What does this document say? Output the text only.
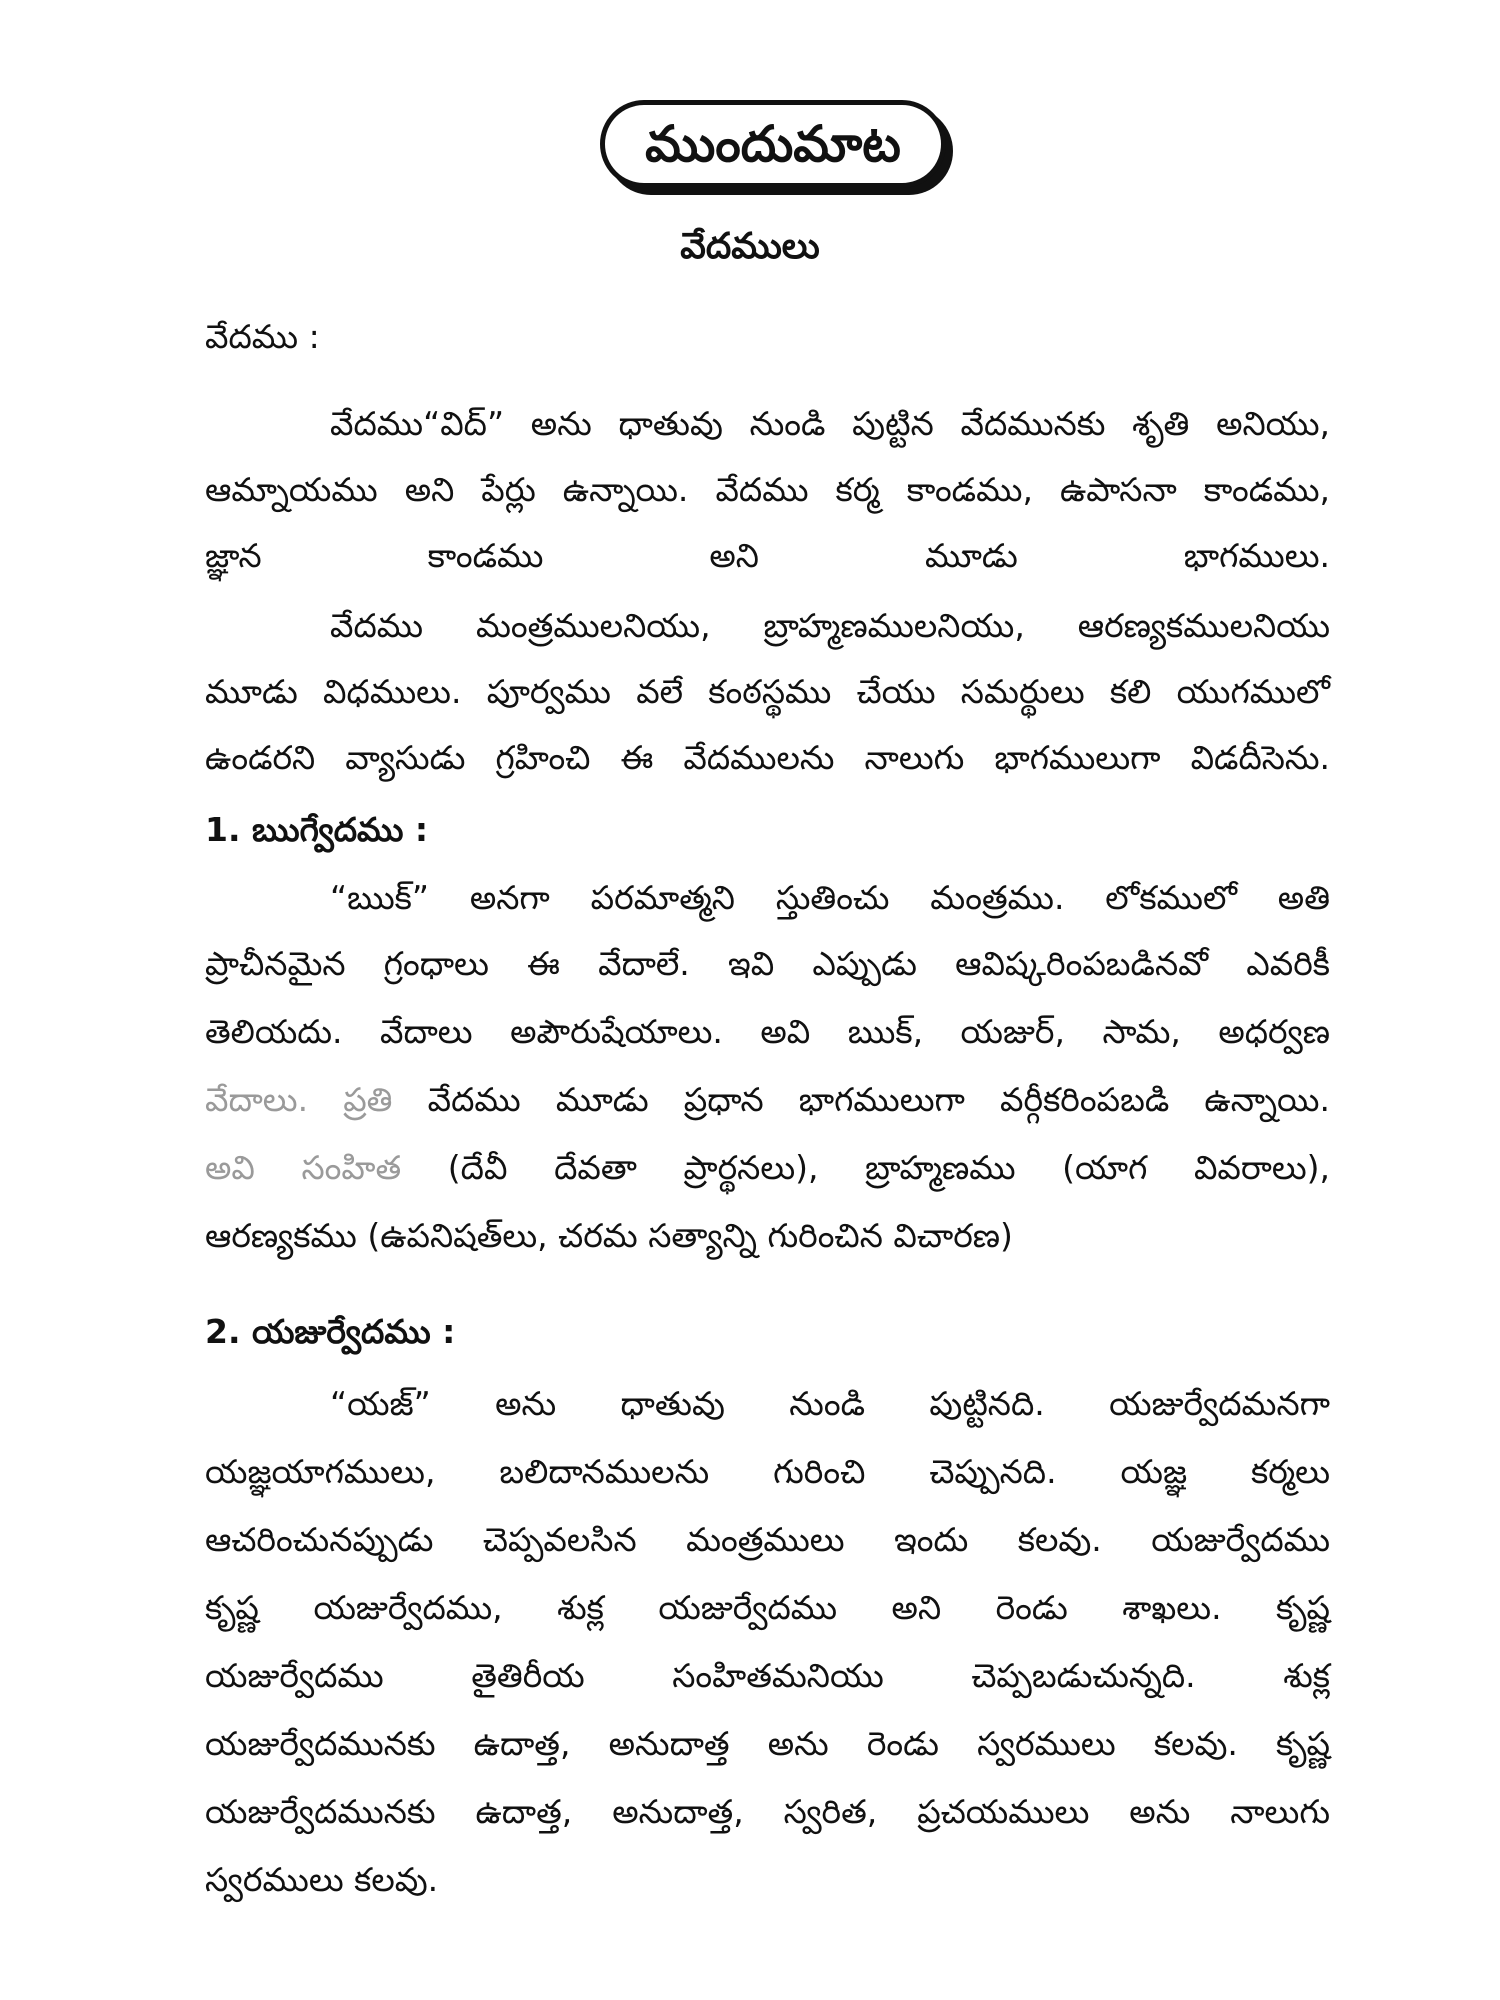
ముందుమాట
వేదములు
వేదము :
వేదము“విద్” అను ధాతువు నుండి పుట్టిన వేదమునకు శృతి అనియు,
ఆమ్నాయము అని పేర్లు ఉన్నాయి. వేదము కర్మ కాండము, ఉపాసనా కాండము,
జ్ఞాన కాండము అని మూడు భాగములు.
వేదము మంత్రములనియు, బ్రాహ్మణములనియు, ఆరణ్యకములనియు
మూడు విధములు. పూర్వము వలే కంఠస్థము చేయు సమర్థులు కలి యుగములో
ఉండరని వ్యాసుడు గ్రహించి ఈ వేదములను నాలుగు భాగములుగా విడదీసెను.
1. ఋగ్వేదము :
“ఋక్” అనగా పరమాత్మని స్తుతించు మంత్రము. లోకములో అతి
ప్రాచీనమైన గ్రంధాలు ఈ వేదాలే. ఇవి ఎప్పుడు ఆవిష్కరింపబడినవో ఎవరికీ
తెలియదు. వేదాలు అపౌరుషేయాలు. అవి ఋక్, యజుర్, సామ, అధర్వణ
వేదాలు. ప్రతి వేదము మూడు ప్రధాన భాగములుగా వర్గీకరింపబడి ఉన్నాయి.
అవి సంహిత (దేవీ దేవతా ప్రార్థనలు), బ్రాహ్మణము (యాగ వివరాలు),
ఆరణ్యకము (ఉపనిషత్‌లు, చరమ సత్యాన్ని గురించిన విచారణ)
2. యజుర్వేదము :
“యజ్” అను ధాతువు నుండి పుట్టినది. యజుర్వేదమనగా
యజ్ఞయాగములు, బలిదానములను గురించి చెప్పునది. యజ్ఞ కర్మలు
ఆచరించునప్పుడు చెప్పవలసిన మంత్రములు ఇందు కలవు. యజుర్వేదము
కృష్ణ యజుర్వేదము, శుక్ల యజుర్వేదము అని రెండు శాఖలు. కృష్ణ
యజుర్వేదము తైతిరీయ సంహితమనియు చెప్పబడుచున్నది. శుక్ల
యజుర్వేదమునకు ఉదాత్త, అనుదాత్త అను రెండు స్వరములు కలవు. కృష్ణ
యజుర్వేదమునకు ఉదాత్త, అనుదాత్త, స్వరిత, ప్రచయములు అను నాలుగు
స్వరములు కలవు.
